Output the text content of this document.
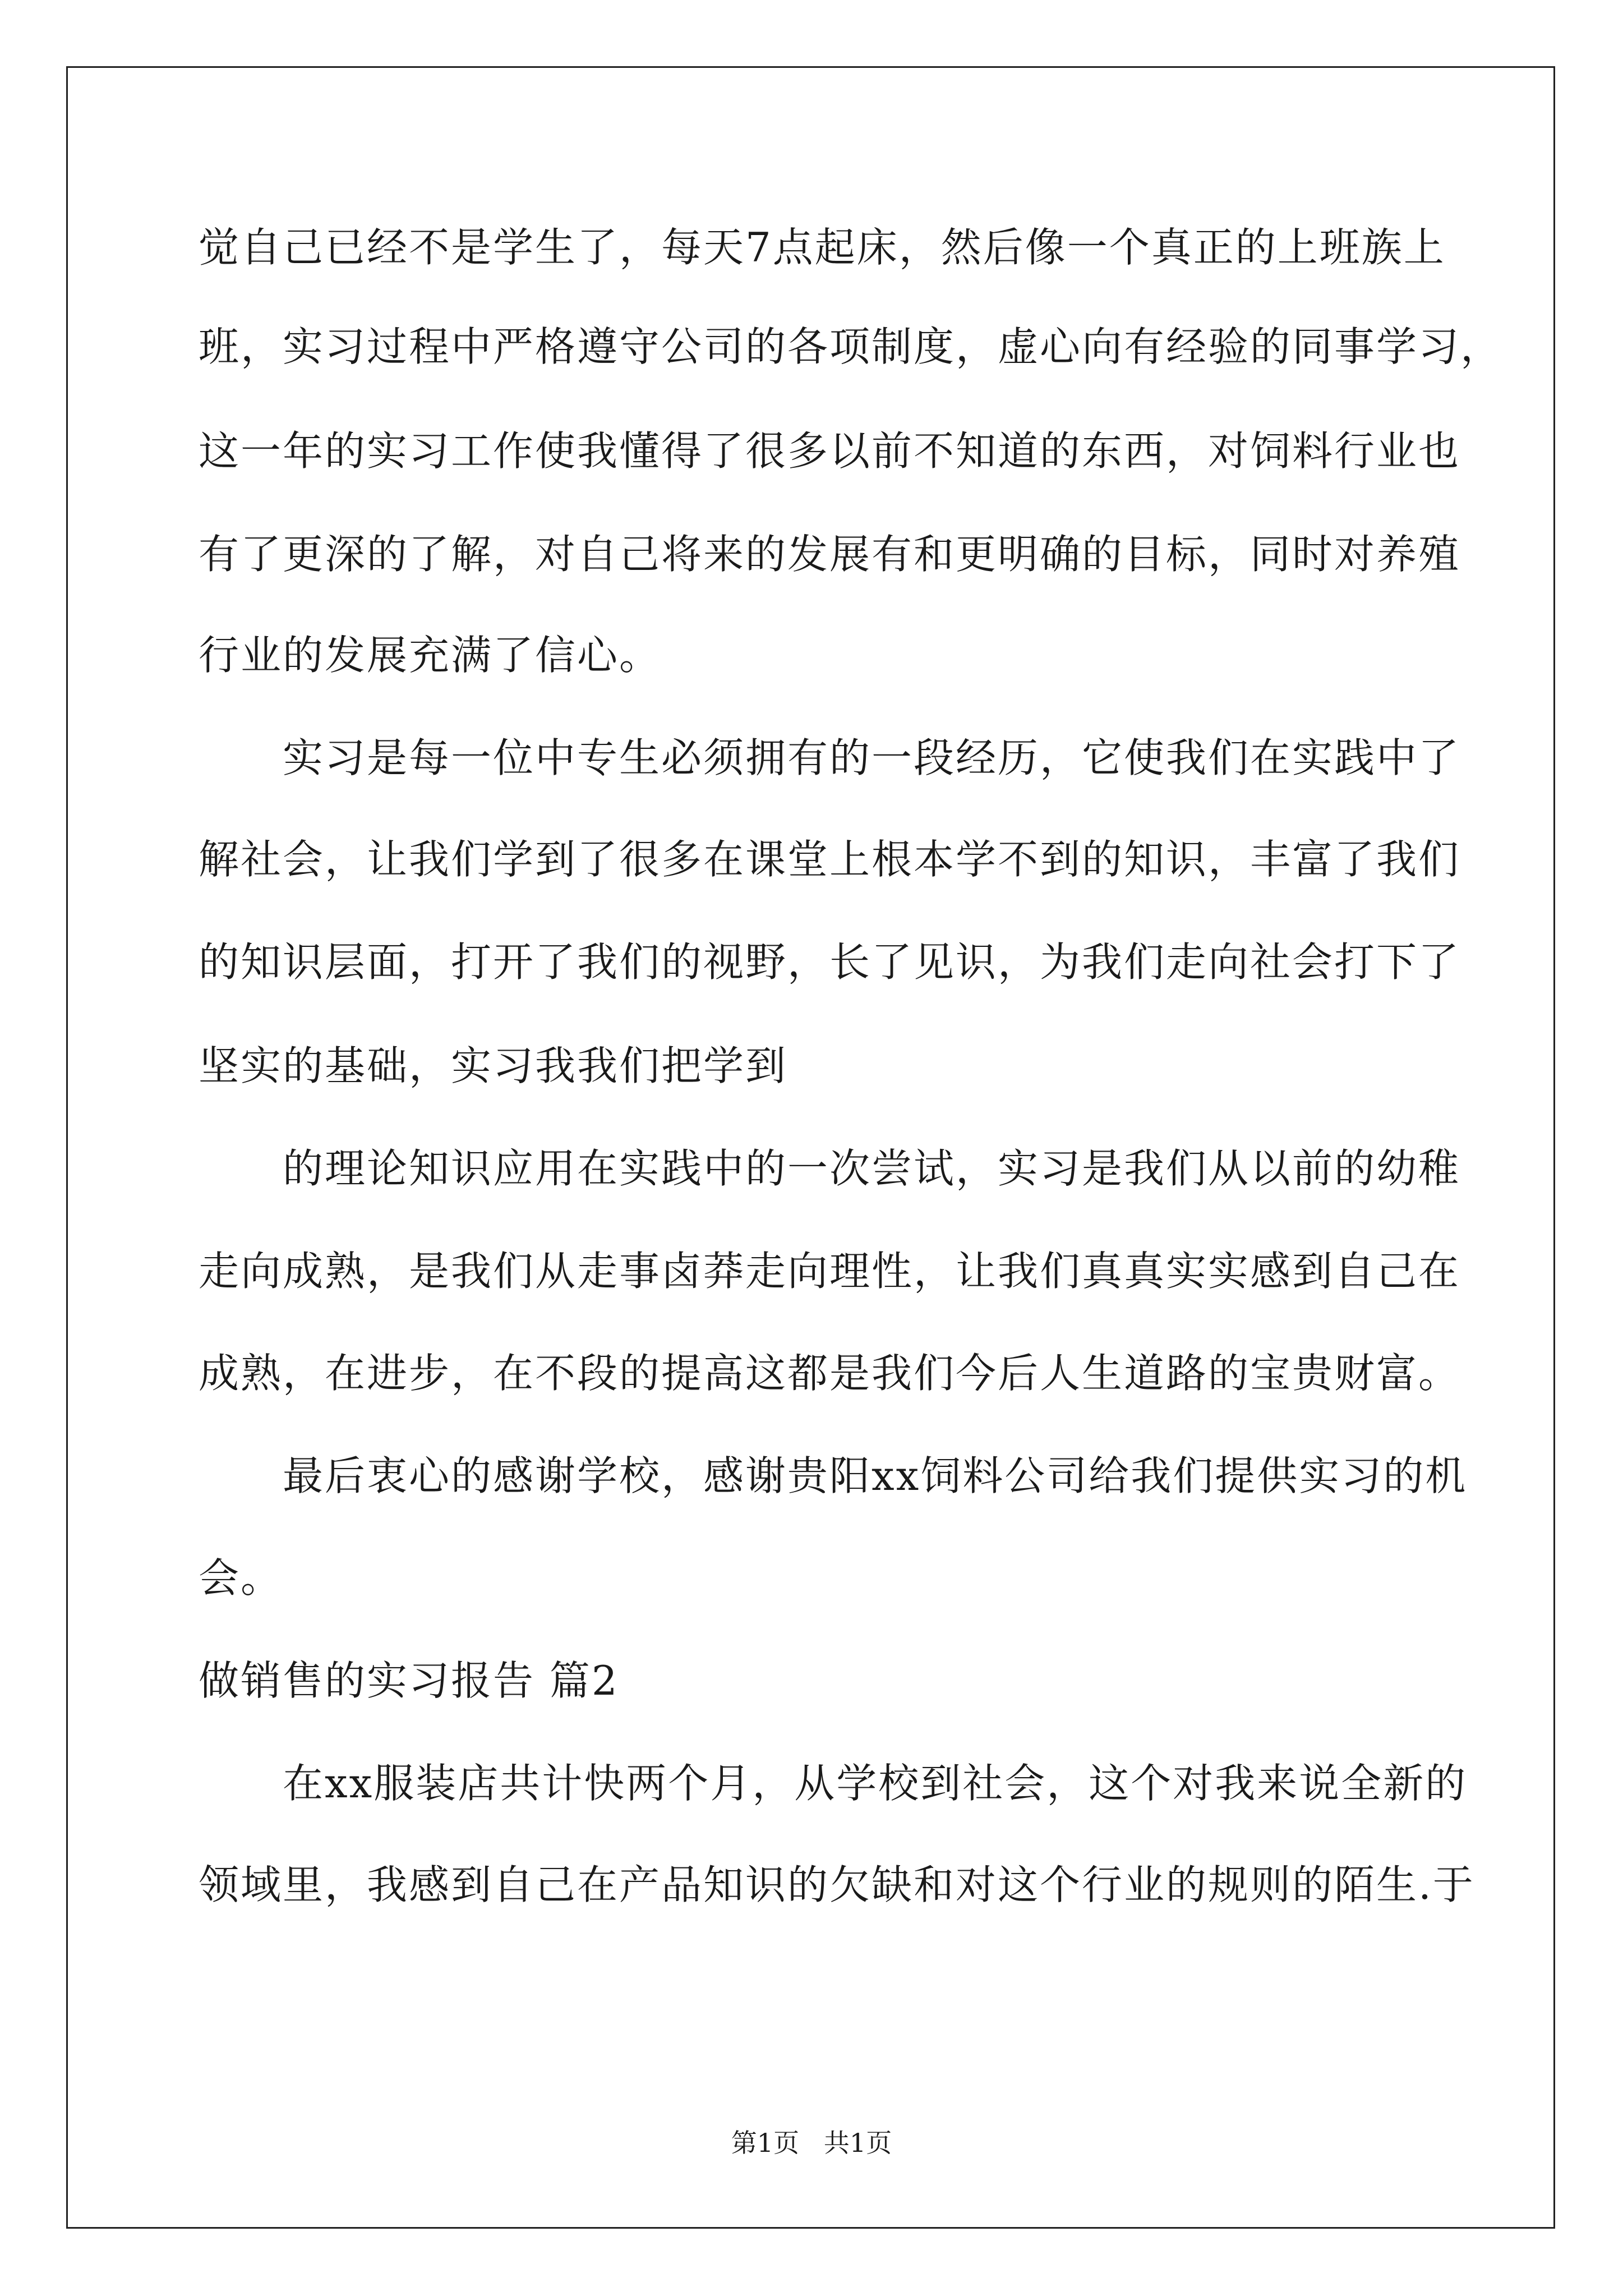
觉自己已经不是学生了，每天7点起床，然后像一个真正的上班族上
班，实习过程中严格遵守公司的各项制度，虚心向有经验的同事学习，
这一年的实习工作使我懂得了很多以前不知道的东西，对饲料行业也
有了更深的了解，对自己将来的发展有和更明确的目标，同时对养殖
行业的发展充满了信心。
实习是每一位中专生必须拥有的一段经历，它使我们在实践中了
解社会，让我们学到了很多在课堂上根本学不到的知识，丰富了我们
的知识层面，打开了我们的视野，长了见识，为我们走向社会打下了
坚实的基础，实习我我们把学到
的理论知识应用在实践中的一次尝试，实习是我们从以前的幼稚
走向成熟，是我们从走事卤莽走向理性，让我们真真实实感到自己在
成熟，在进步，在不段的提高这都是我们今后人生道路的宝贵财富。
最后衷心的感谢学校，感谢贵阳xx饲料公司给我们提供实习的机
会。
做销售的实习报告 篇2
在xx服装店共计快两个月，从学校到社会，这个对我来说全新的
领域里，我感到自己在产品知识的欠缺和对这个行业的规则的陌生.于
第1页   共1页
